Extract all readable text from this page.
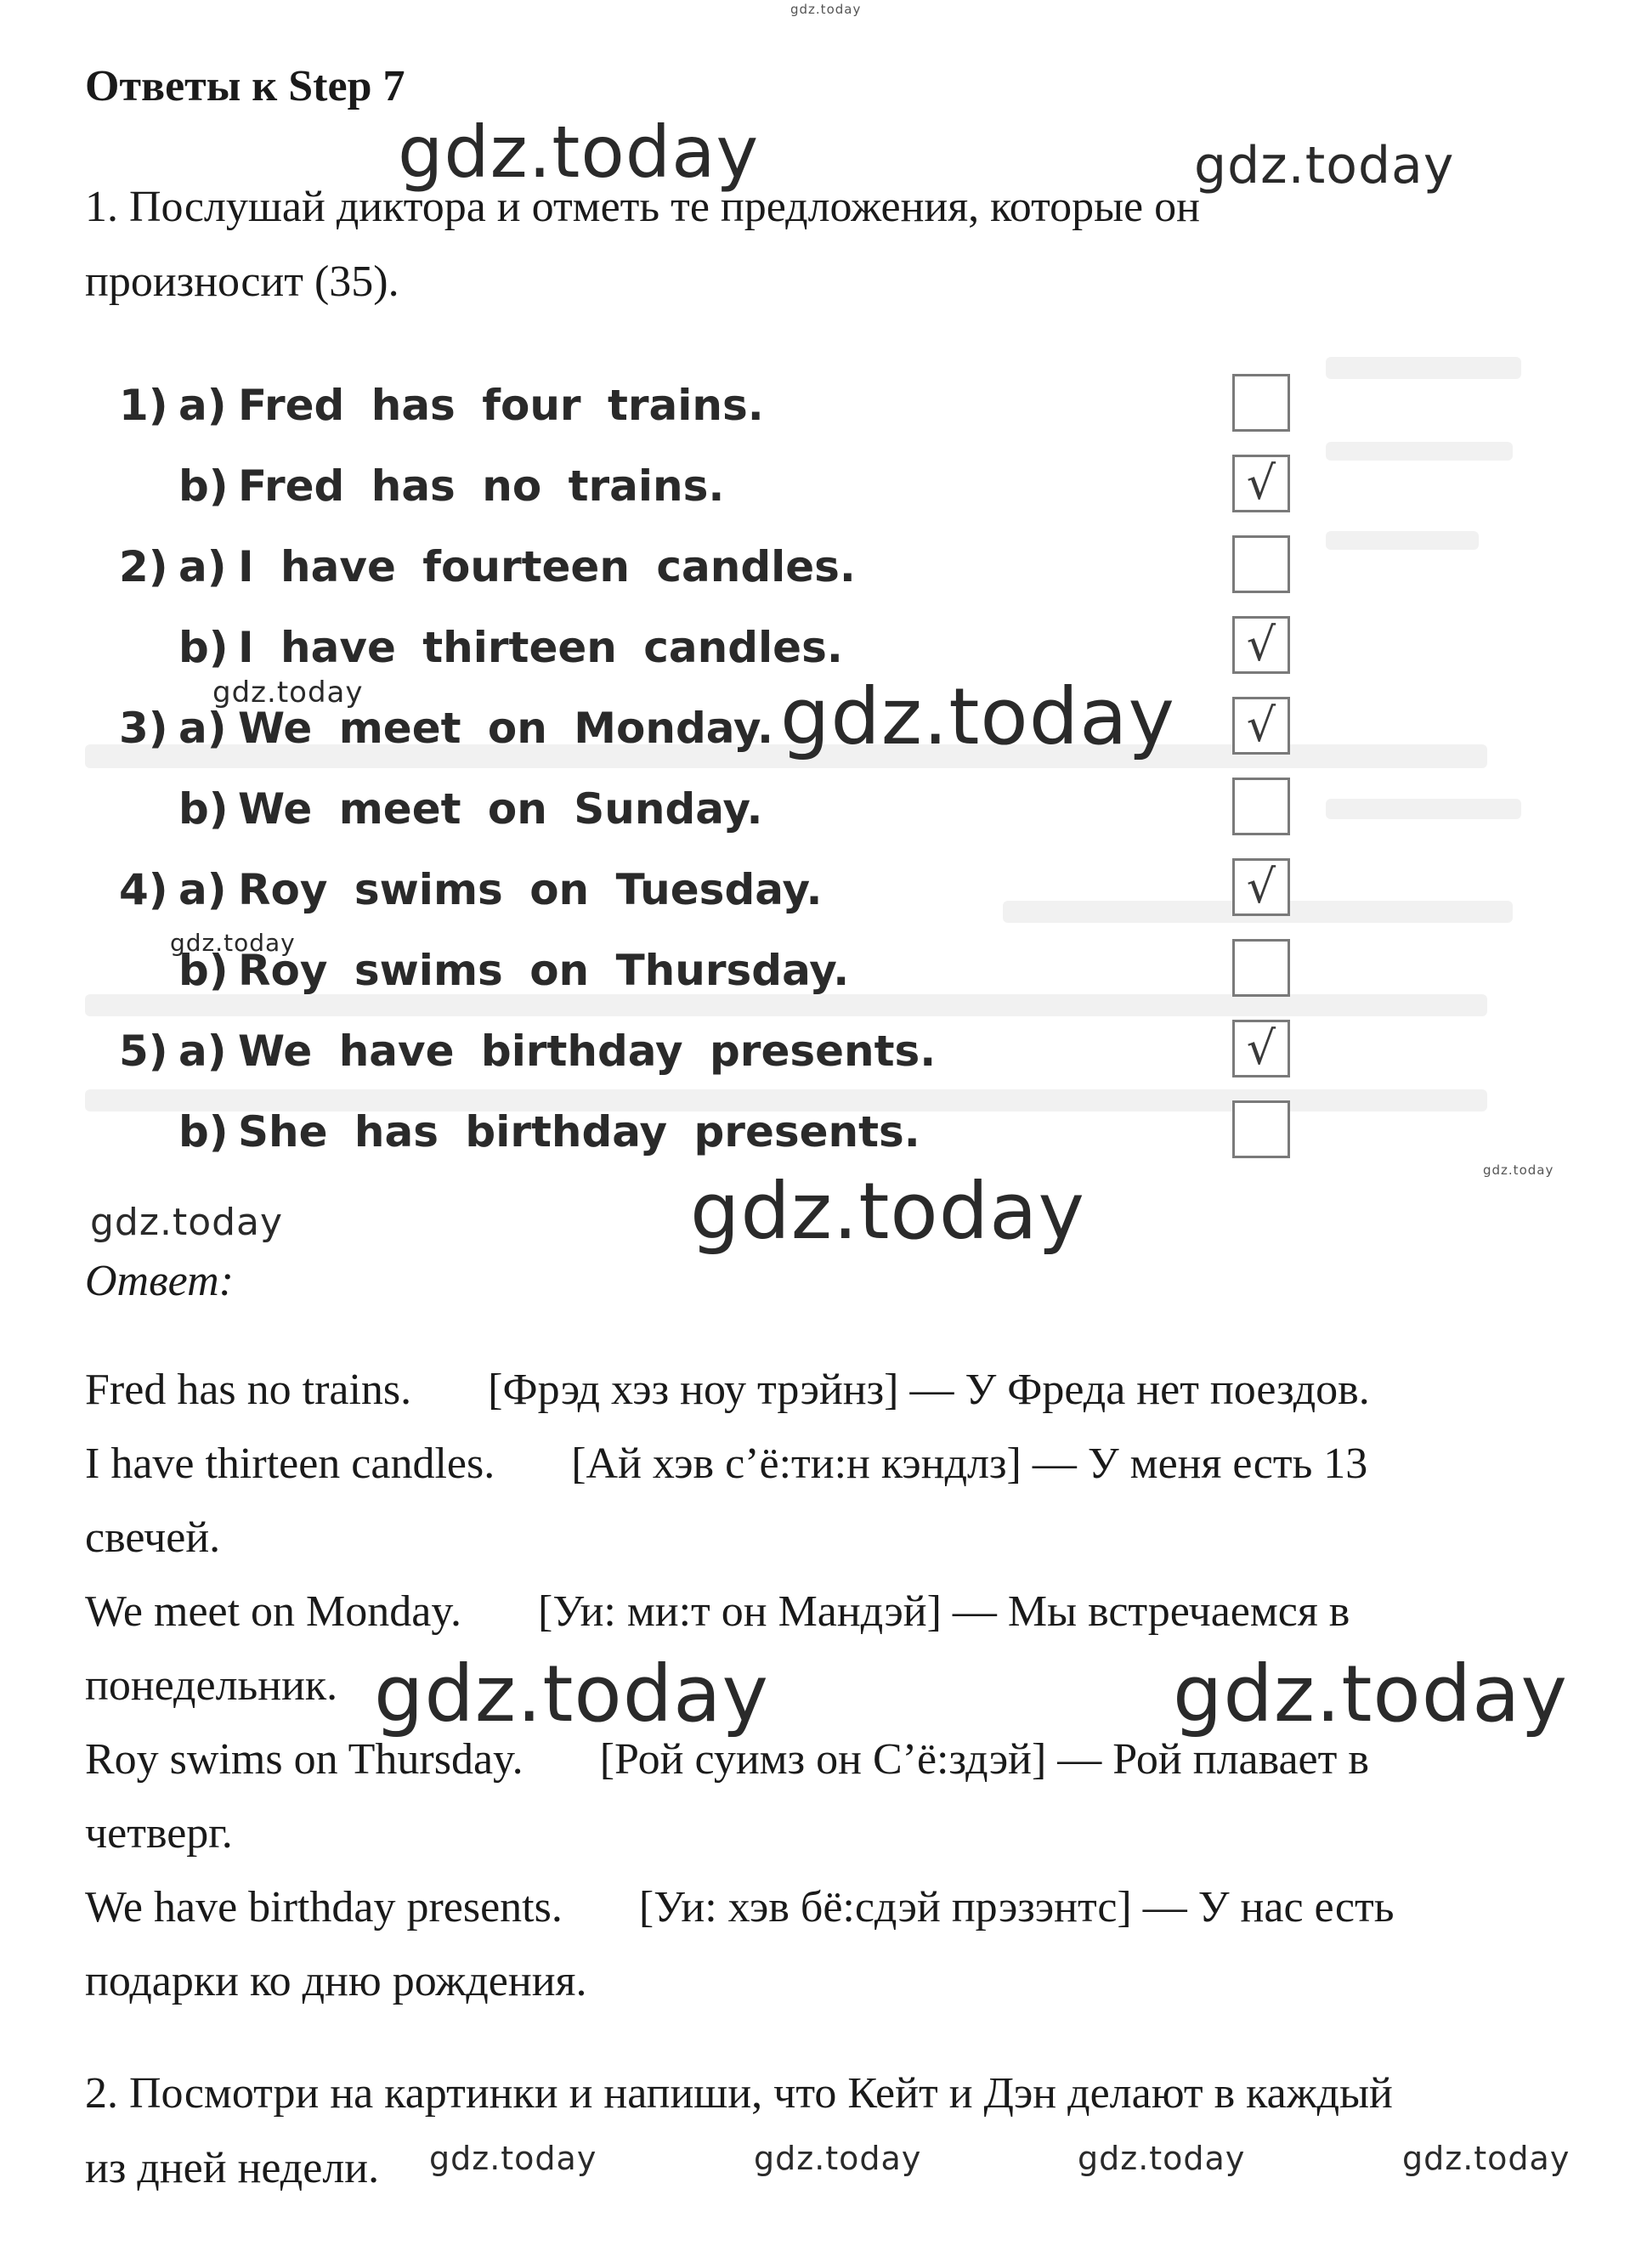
gdz.today
Ответы к Step 7
gdz.today	gdz.today
1. Послушай диктора и отметь те предложения, которые он
произносит (35).
1) a) Fred has four trains.
b) Fred has no trains.	√
2) a) I have fourteen candles.
b) I have thirteen candles.	√
3) a) We meet on Monday.	√
b) We meet on Sunday.
4) a) Roy swims on Tuesday.	√
b) Roy swims on Thursday.
5) a) We have birthday presents.	√
b) She has birthday presents.
gdz.today	gdz.today
gdz.today
gdz.today
gdz.today	gdz.today
Ответ:
Fred has no trains. [Фрэд хэз ноу трэйнз] — У Фреда нет поездов.
I have thirteen candles. [Ай хэв с’ё:ти:н кэндлз] — У меня есть 13
свечей.
We meet on Monday. [Уи: ми:т он Мандэй] — Мы встречаемся в
понедельник.
Roy swims on Thursday. [Рой суимз он С’ё:здэй] — Рой плавает в
четверг.
We have birthday presents. [Уи: хэв бё:сдэй прэзэнтс] — У нас есть
подарки ко дню рождения.
gdz.today	gdz.today
2. Посмотри на картинки и напиши, что Кейт и Дэн делают в каждый
из дней недели.	gdz.today	gdz.today	gdz.today	gdz.today
